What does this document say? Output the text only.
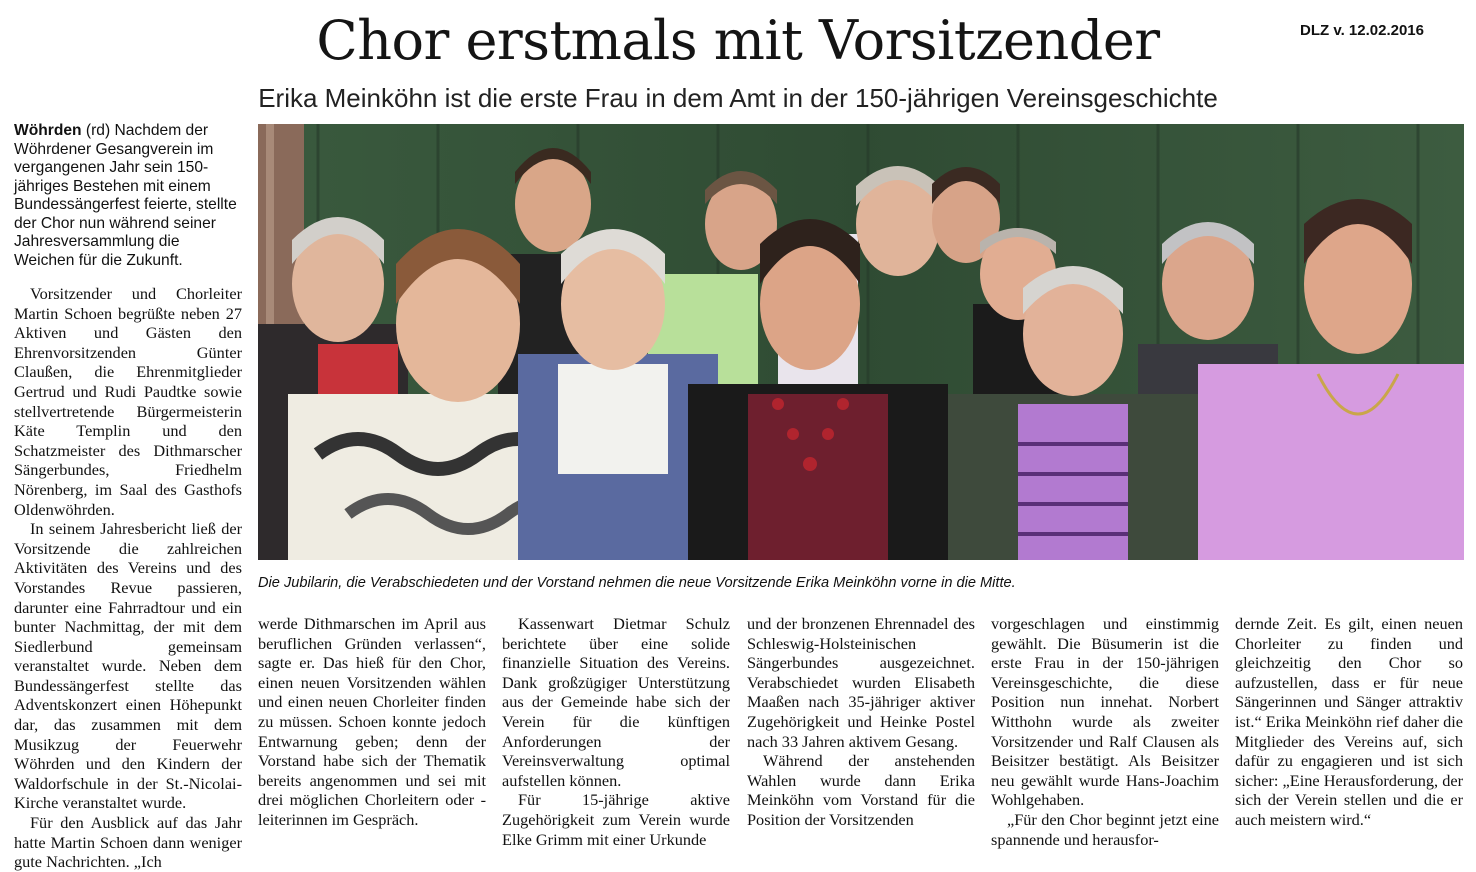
Chor erstmals mit Vorsitzender	DLZ v. 12.02.2016
Erika Meinköhn ist die erste Frau in dem Amt in der 150-jährigen Vereinsgeschichte

Wöhrden (rd) Nachdem der Wöhrdener Gesangverein im vergangenen Jahr sein 150-jähriges Bestehen mit einem Bundessängerfest feierte, stellte der Chor nun während seiner Jahresversammlung die Weichen für die Zukunft.

Vorsitzender und Chorleiter Martin Schoen begrüßte neben 27 Aktiven und Gästen den Ehrenvorsitzenden Günter Claußen, die Ehrenmitglieder Gertrud und Rudi Paudtke sowie stellvertretende Bürgermeisterin Käte Templin und den Schatzmeister des Dithmarscher Sängerbundes, Friedhelm Nörenberg, im Saal des Gasthofs Oldenwöhrden.

In seinem Jahresbericht ließ der Vorsitzende die zahlreichen Aktivitäten des Vereins und des Vorstandes Revue passieren, darunter eine Fahrradtour und ein bunter Nachmittag, der mit dem Siedlerbund gemeinsam veranstaltet wurde. Neben dem Bundessängerfest stellte das Adventskonzert einen Höhepunkt dar, das zusammen mit dem Musikzug der Feuerwehr Wöhrden und den Kindern der Waldorfschule in der St.-Nicolai-Kirche veranstaltet wurde.

Für den Ausblick auf das Jahr hatte Martin Schoen dann weniger gute Nachrichten. „Ich

Die Jubilarin, die Verabschiedeten und der Vorstand nehmen die neue Vorsitzende Erika Meinköhn vorne in die Mitte.

werde Dithmarschen im April aus beruflichen Gründen verlassen“, sagte er. Das hieß für den Chor, einen neuen Vorsitzenden wählen und einen neuen Chorleiter finden zu müssen. Schoen konnte jedoch Entwarnung geben; denn der Vorstand habe sich der Thematik bereits angenommen und sei mit drei möglichen Chorleitern oder -leiterinnen im Gespräch.

Kassenwart Dietmar Schulz berichtete über eine solide finanzielle Situation des Vereins. Dank großzügiger Unterstützung aus der Gemeinde habe sich der Verein für die künftigen Anforderungen der Vereinsverwaltung optimal aufstellen können.

Für 15-jährige aktive Zugehörigkeit zum Verein wurde Elke Grimm mit einer Urkunde

und der bronzenen Ehrennadel des Schleswig-Holsteinischen Sängerbundes ausgezeichnet. Verabschiedet wurden Elisabeth Maaßen nach 35-jähriger aktiver Zugehörigkeit und Heinke Postel nach 33 Jahren aktivem Gesang.

Während der anstehenden Wahlen wurde dann Erika Meinköhn vom Vorstand für die Position der Vorsitzenden

vorgeschlagen und einstimmig gewählt. Die Büsumerin ist die erste Frau in der 150-jährigen Vereinsgeschichte, die diese Position nun innehat. Norbert Witthohn wurde als zweiter Vorsitzender und Ralf Clausen als Beisitzer bestätigt. Als Beisitzer neu gewählt wurde Hans-Joachim Wohlgehaben.

„Für den Chor beginnt jetzt eine spannende und herausfor-

dernde Zeit. Es gilt, einen neuen Chorleiter zu finden und gleichzeitig den Chor so aufzustellen, dass er für neue Sängerinnen und Sänger attraktiv ist.“ Erika Meinköhn rief daher die Mitglieder des Vereins auf, sich dafür zu engagieren und ist sich sicher: „Eine Herausforderung, der sich der Verein stellen und die er auch meistern wird.“
